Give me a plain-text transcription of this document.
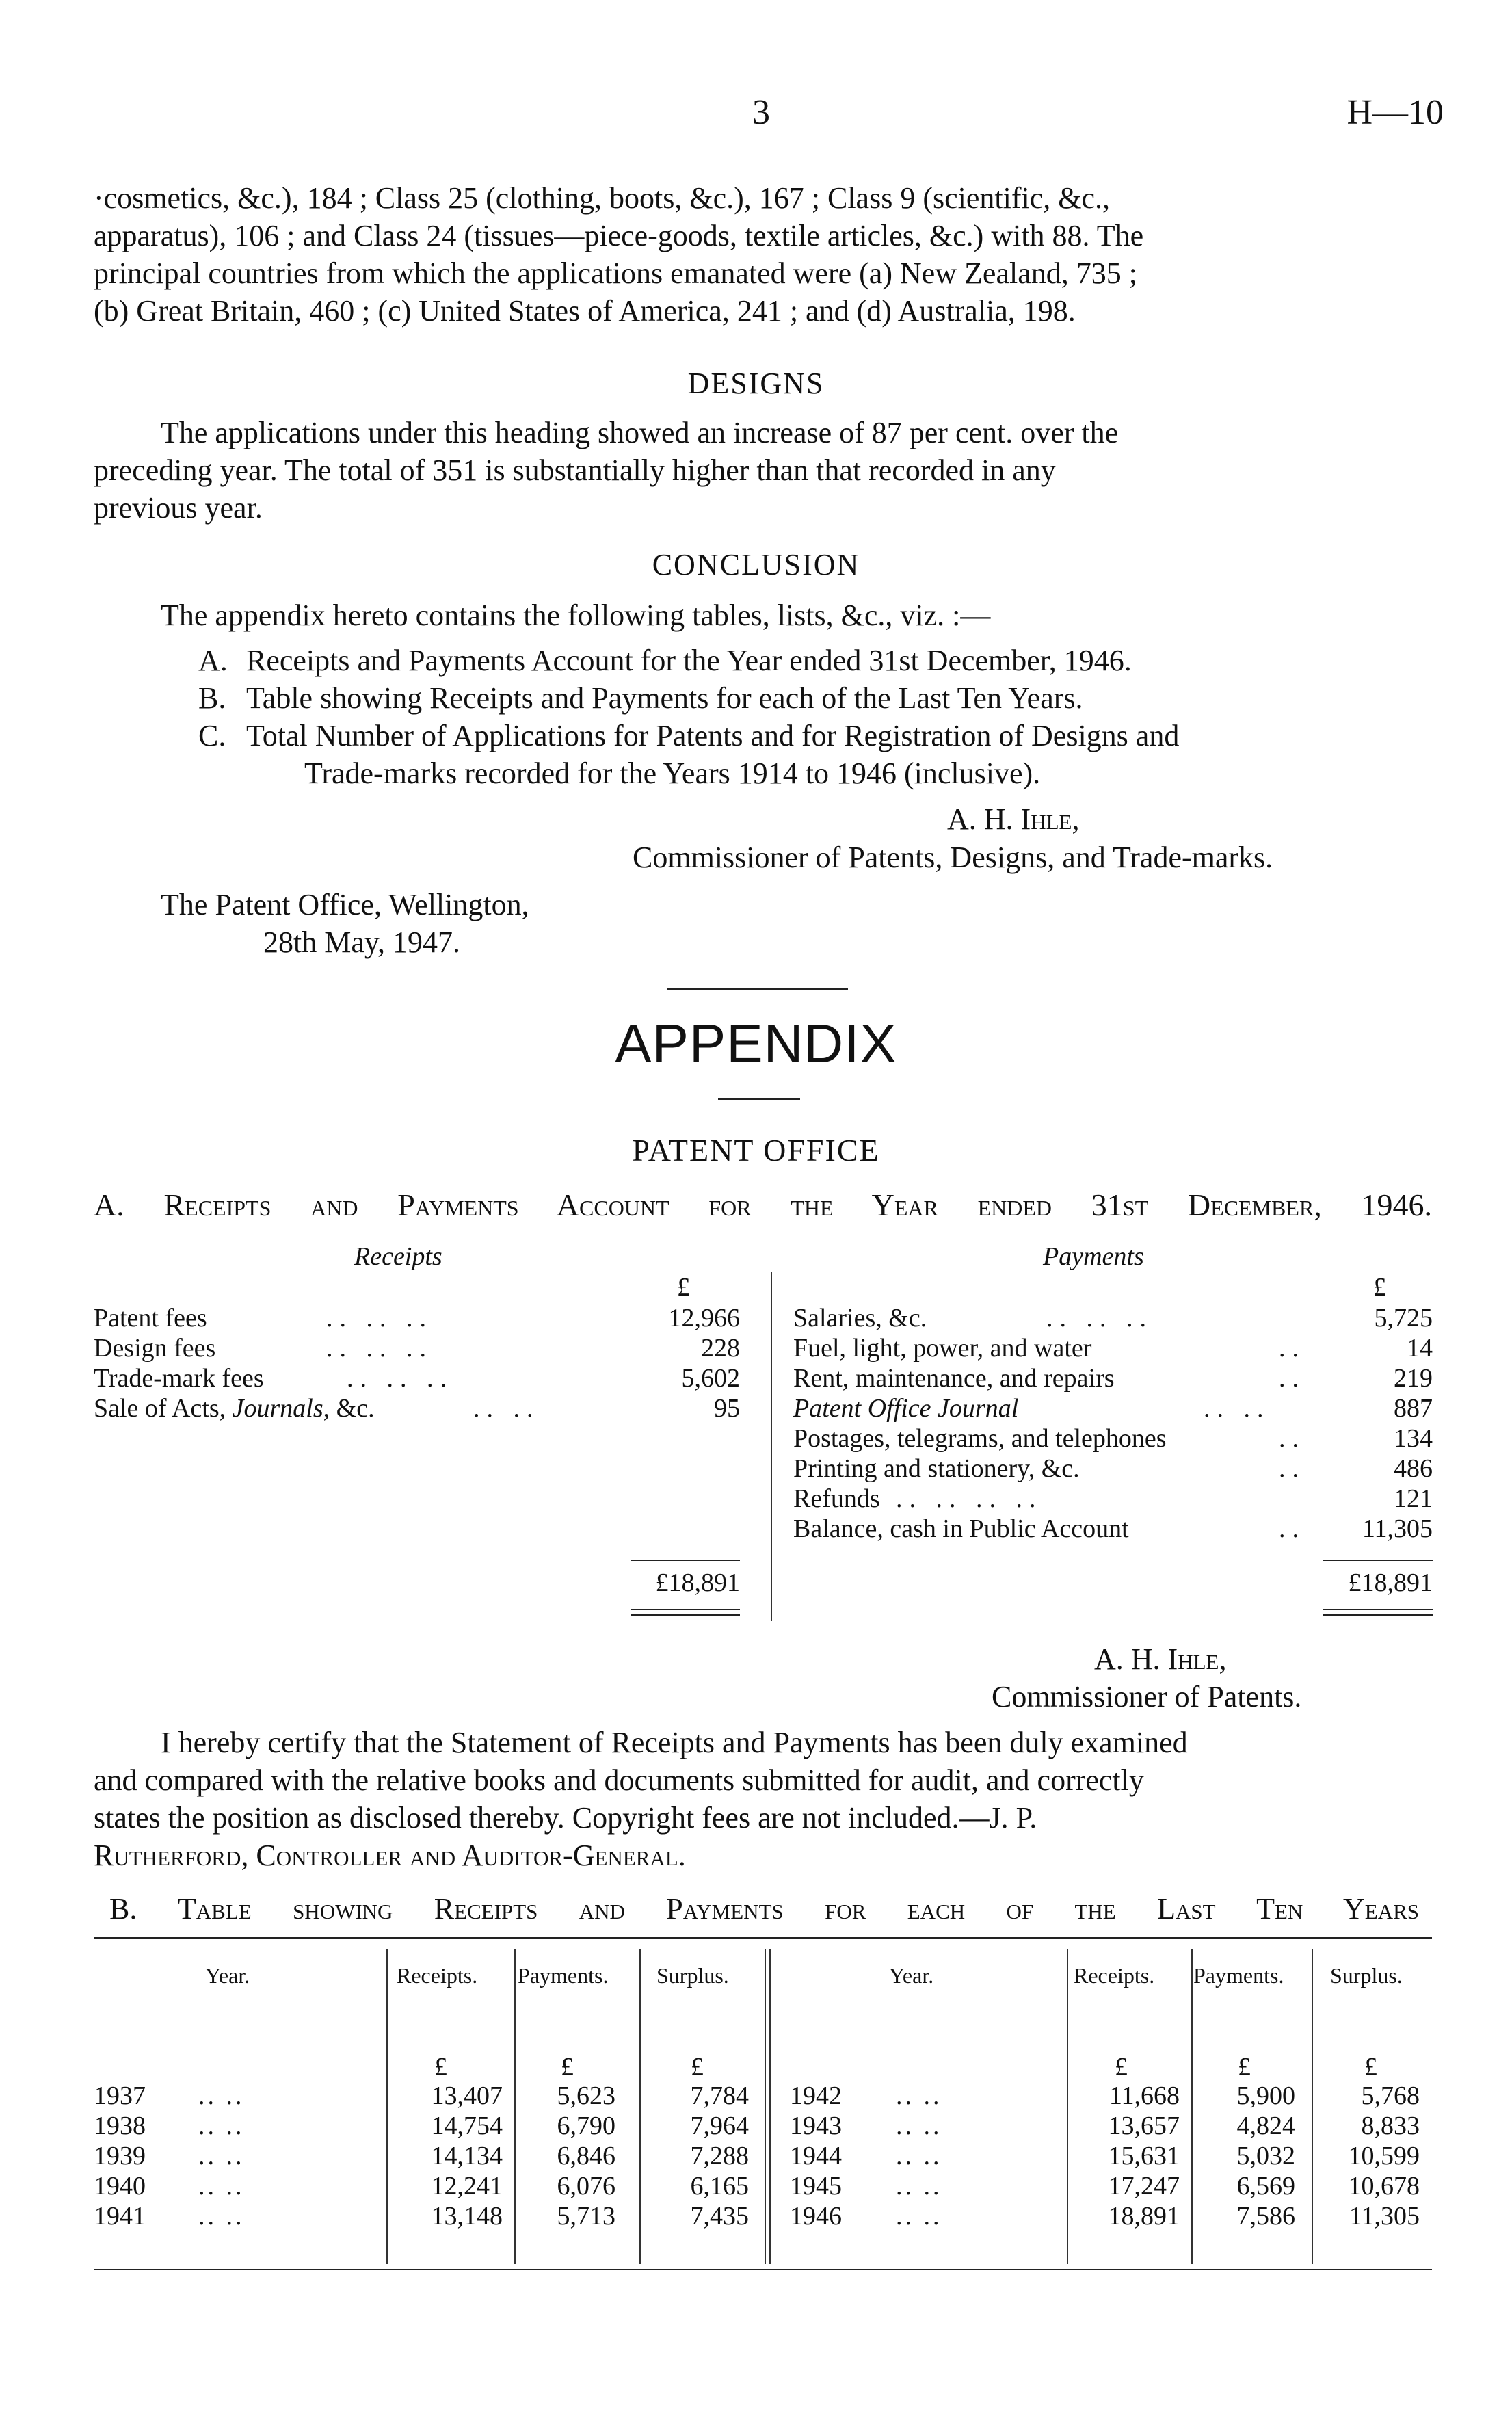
3	H—10

·cosmetics, &c.), 184 ; Class 25 (clothing, boots, &c.), 167 ; Class 9 (scientific, &c.,

apparatus), 106 ; and Class 24 (tissues—piece-goods, textile articles, &c.) with 88. The

principal countries from which the applications emanated were (a) New Zealand, 735 ;

(b) Great Britain, 460 ; (c) United States of America, 241 ; and (d) Australia, 198.

DESIGNS

The applications under this heading showed an increase of 87 per cent. over the

preceding year. The total of 351 is substantially higher than that recorded in any

previous year.

CONCLUSION
The appendix hereto contains the following tables, lists, &c., viz. :—
A. Receipts and Payments Account for the Year ended 31st December, 1946.
B. Table showing Receipts and Payments for each of the Last Ten Years.
C. Total Number of Applications for Patents and for Registration of Designs and
Trade-marks recorded for the Years 1914 to 1946 (inclusive).
A. H. Ihle,
Commissioner of Patents, Designs, and Trade-marks.
The Patent Office, Wellington,
28th May, 1947.
APPENDIX
PATENT OFFICE
A. Receipts and Payments Account for the Year ended 31st December, 1946.
Receipts	Payments
£	£
Patent fees	.. .. ..	12,966
Design fees	.. .. ..	228
Trade-mark fees	.. .. ..	5,602
Sale of Acts, Journals, &c.	.. ..	95
£18,891
Salaries, &c.	.. .. ..	5,725
Fuel, light, power, and water	..	14
Rent, maintenance, and repairs	..	219
Patent Office Journal	.. ..	887
Postages, telegrams, and telephones	..	134
Printing and stationery, &c.	..	486
Refunds .. .. .. ..	121
Balance, cash in Public Account	.. 11,305
£18,891
A. H. Ihle,
Commissioner of Patents.

I hereby certify that the Statement of Receipts and Payments has been duly examined

and compared with the relative books and documents submitted for audit, and correctly

states the position as disclosed thereby. Copyright fees are not included.—J. P.

Rutherford, Controller and Auditor-General.

B. Table showing Receipts and Payments for each of the Last Ten Years
Year.	Receipts. Payments. Surplus.	Year.	Receipts. Payments. Surplus.
£	£	£	£	£	£
1937 .. ..	13,407	5,623	7,784
1938 .. ..	14,754	6,790	7,964
1939 .. ..	14,134	6,846	7,288
1940 .. ..	12,241	6,076	6,165
1941 .. ..	13,148	5,713	7,435
1942 .. ..	11,668	5,900	5,768
1943 .. ..	13,657	4,824	8,833
1944 .. ..	15,631	5,032	10,599
1945 .. ..	17,247	6,569	10,678
1946 .. ..	18,891	7,586	11,305
